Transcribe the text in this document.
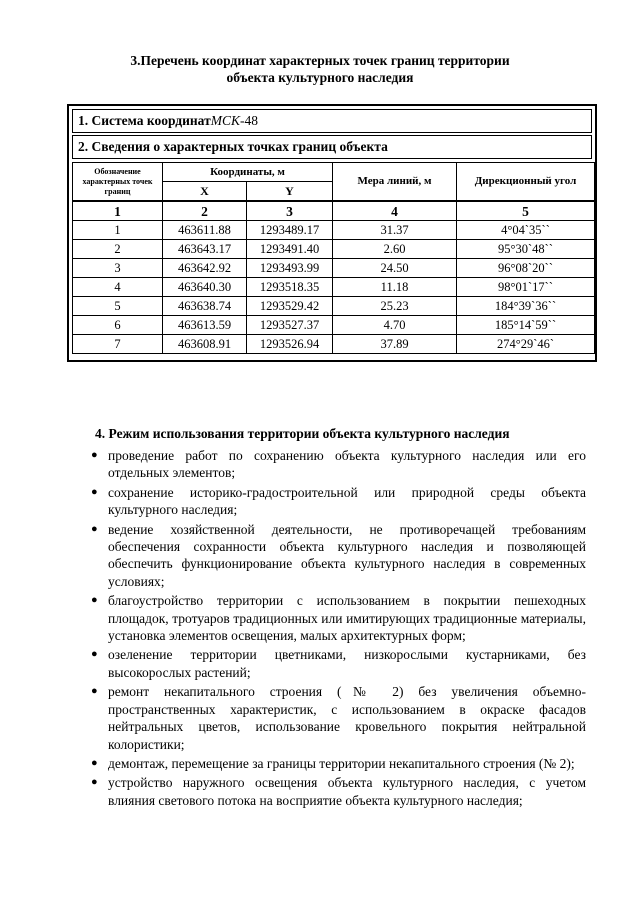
3.Перечень координат характерных точек границ территории
объекта культурного наследия
1. Система координатМСК-48
2. Сведения о характерных точках границ объекта
Обозначение характерных точек границ	Координаты, м		Мера линий, м	Дирекционный угол
	X	Y		
1	2	3	4	5
1	463611.88	1293489.17	31.37	4°04`35``
2	463643.17	1293491.40	2.60	95°30`48``
3	463642.92	1293493.99	24.50	96°08`20``
4	463640.30	1293518.35	11.18	98°01`17``
5	463638.74	1293529.42	25.23	184°39`36``
6	463613.59	1293527.37	4.70	185°14`59``
7	463608.91	1293526.94	37.89	274°29`46`
4. Режим использования территории объекта культурного наследия
● проведение работ по сохранению объекта культурного наследия или его отдельных элементов;
● сохранение историко-градостроительной или природной среды объекта культурного наследия;
● ведение хозяйственной деятельности, не противоречащей требованиям обеспечения сохранности объекта культурного наследия и позволяющей обеспечить функционирование объекта культурного наследия в современных условиях;
● благоустройство территории с использованием в покрытии пешеходных площадок, тротуаров традиционных или имитирующих традиционные материалы, установка элементов освещения, малых архитектурных форм;
● озеленение территории цветниками, низкорослыми кустарниками, без высокорослых растений;
● ремонт некапитального строения (№ 2) без увеличения объемно-пространственных характеристик, с использованием в окраске фасадов нейтральных цветов, использование кровельного покрытия нейтральной колористики;
● демонтаж, перемещение за границы территории некапитального строения (№ 2);
● устройство наружного освещения объекта культурного наследия, с учетом влияния светового потока на восприятие объекта культурного наследия;
